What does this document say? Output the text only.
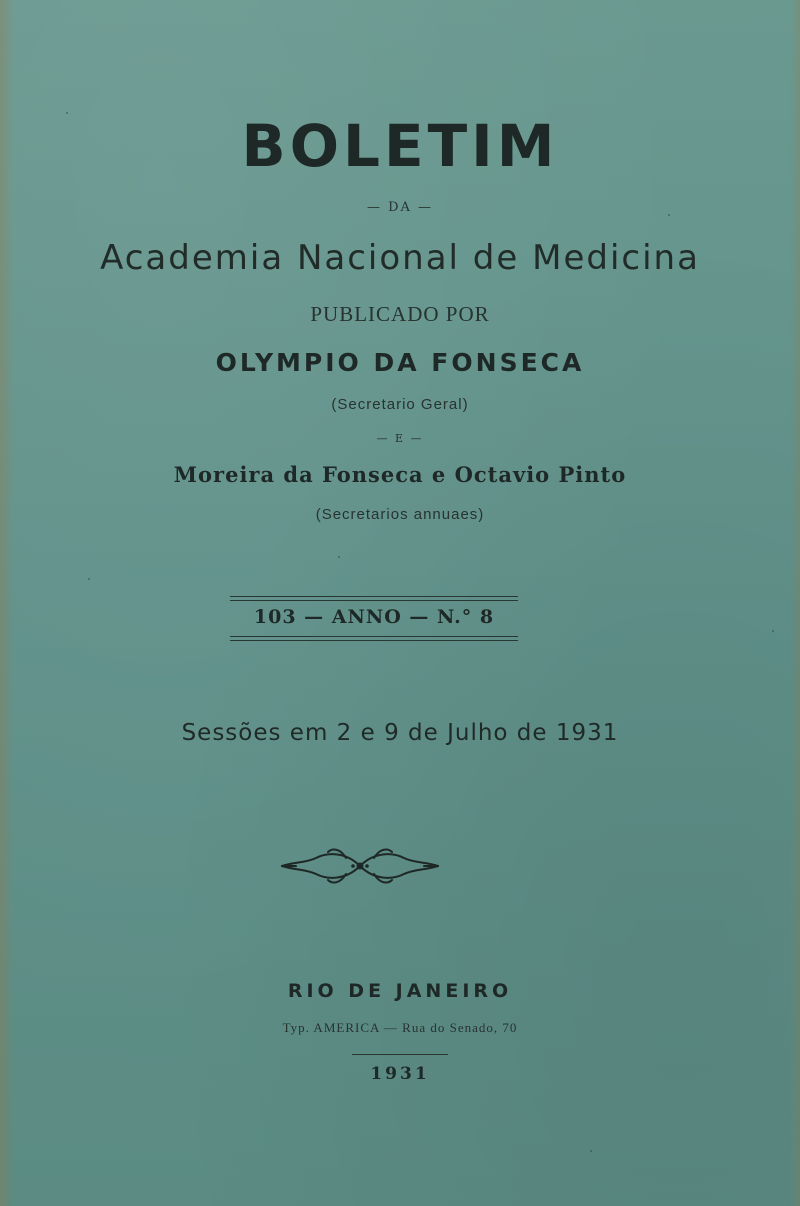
BOLETIM
— DA —
Academia Nacional de Medicina
PUBLICADO POR
OLYMPIO DA FONSECA
(Secretario Geral)
— E —
Moreira da Fonseca e Octavio Pinto
(Secretarios annuaes)
103 — ANNO — N.° 8
Sessões em 2 e 9 de Julho de 1931
RIO DE JANEIRO
Typ. AMERICA — Rua do Senado, 70
1931
